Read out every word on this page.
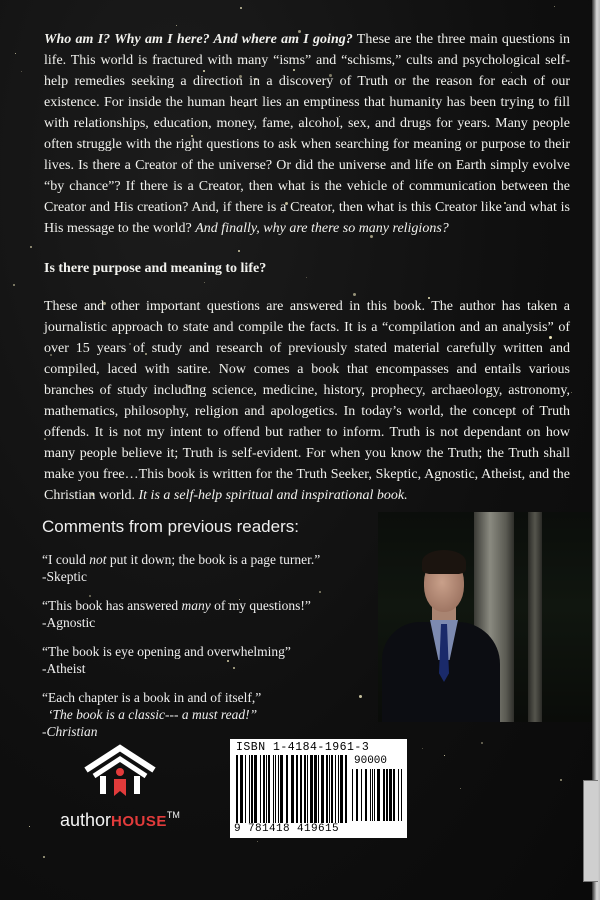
Who am I? Why am I here? And where am I going? These are the three main questions in life. This world is fractured with many “isms” and “schisms,” cults and psychological self-help remedies seeking a direction in a discovery of Truth or the reason for each of our existence. For inside the human heart lies an emptiness that humanity has been trying to fill with relationships, education, money, fame, alcohol, sex, and drugs for years. Many people often struggle with the right questions to ask when searching for meaning or purpose to their lives. Is there a Creator of the universe? Or did the universe and life on Earth simply evolve “by chance”? If there is a Creator, then what is the vehicle of communication between the Creator and His creation? And, if there is a Creator, then what is this Creator like and what is His message to the world? And finally, why are there so many religions?
Is there purpose and meaning to life?
These and other important questions are answered in this book. The author has taken a journalistic approach to state and compile the facts. It is a “compilation and an analysis” of over 15 years of study and research of previously stated material carefully written and compiled, laced with satire. Now comes a book that encompasses and entails various branches of study including science, medicine, history, prophecy, archaeology, astronomy, mathematics, philosophy, religion and apologetics. In today’s world, the concept of Truth offends. It is not my intent to offend but rather to inform. Truth is not dependant on how many people believe it; Truth is self-evident. For when you know the Truth; the Truth shall make you free…This book is written for the Truth Seeker, Skeptic, Agnostic, Atheist, and the Christian world. It is a self-help spiritual and inspirational book.
Comments from previous readers:
“I could not put it down; the book is a page turner.”
-Skeptic
“This book has answered many of my questions!”
-Agnostic
“The book is eye opening and overwhelming”
-Atheist
“Each chapter is a book in and of itself,”
‘The book is a classic--- a must read!”
-Christian
authorHOUSE™
ISBN 1-4184-1961-3
90000
9 781418 419615
